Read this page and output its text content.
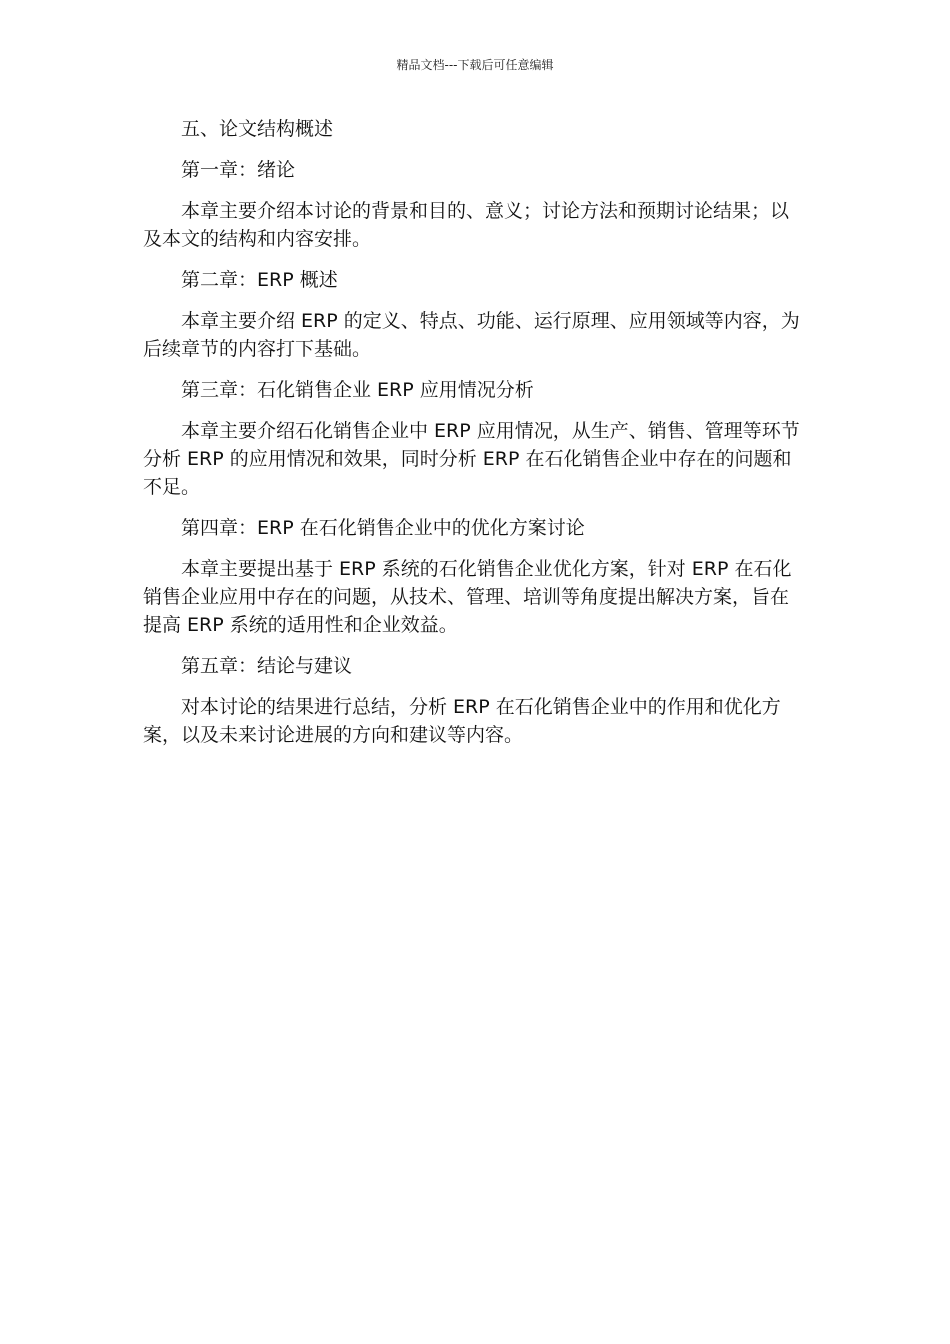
精品文档---下载后可任意编辑

五、论文结构概述

第一章：绪论

本章主要介绍本讨论的背景和目的、意义；讨论方法和预期讨论结果；以及本文的结构和内容安排。

第二章：ERP 概述

本章主要介绍 ERP 的定义、特点、功能、运行原理、应用领域等内容，为后续章节的内容打下基础。

第三章：石化销售企业 ERP 应用情况分析

本章主要介绍石化销售企业中 ERP 应用情况，从生产、销售、管理等环节分析 ERP 的应用情况和效果，同时分析 ERP 在石化销售企业中存在的问题和不足。

第四章：ERP 在石化销售企业中的优化方案讨论

本章主要提出基于 ERP 系统的石化销售企业优化方案，针对 ERP 在石化销售企业应用中存在的问题，从技术、管理、培训等角度提出解决方案，旨在提高 ERP 系统的适用性和企业效益。

第五章：结论与建议

对本讨论的结果进行总结，分析 ERP 在石化销售企业中的作用和优化方案，以及未来讨论进展的方向和建议等内容。
